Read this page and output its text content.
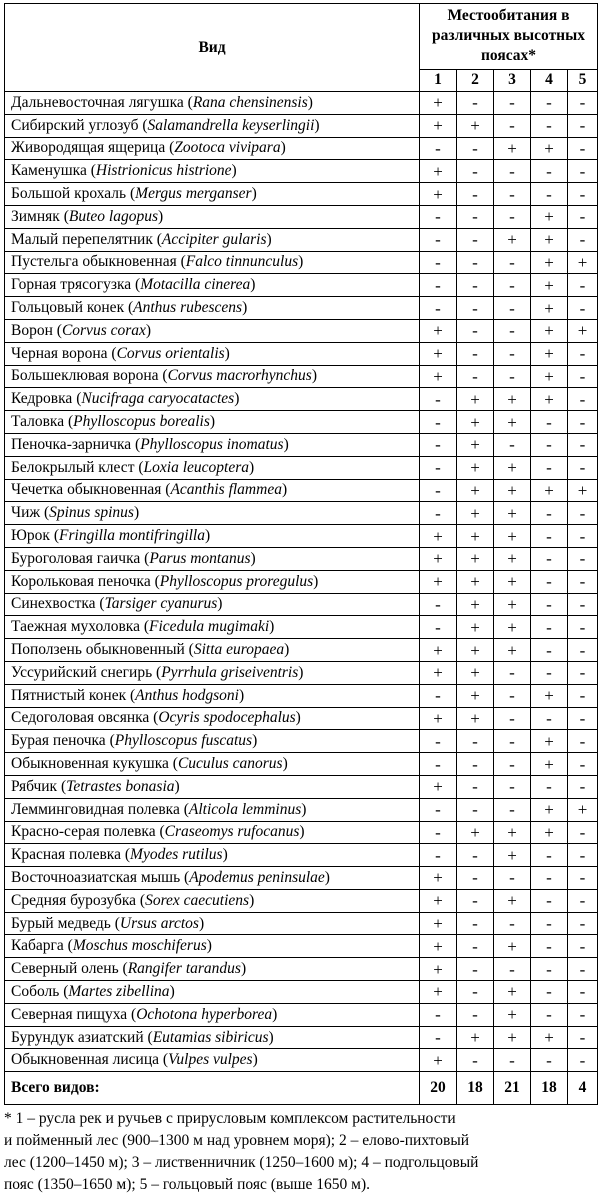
Вид	Местообитания в различных высотных поясах*				
	1	2	3	4	5
Дальневосточная лягушка (Rana chensinensis)	+	-	-	-	-
Сибирский углозуб (Salamandrella keyserlingii)	+	+	-	-	-
Живородящая ящерица (Zootoca vivipara)	-	-	+	+	-
Каменушка (Histrionicus histrione)	+	-	-	-	-
Большой крохаль (Mergus merganser)	+	-	-	-	-
Зимняк (Buteo lagopus)	-	-	-	+	-
Малый перепелятник (Accipiter gularis)	-	-	+	+	-
Пустельга обыкновенная (Falco tinnunculus)	-	-	-	+	+
Горная трясогузка (Motacilla cinerea)	-	-	-	+	-
Гольцовый конек (Anthus rubescens)	-	-	-	+	-
Ворон (Corvus corax)	+	-	-	+	+
Черная ворона (Corvus orientalis)	+	-	-	+	-
Большеклювая ворона (Corvus macrorhynchus)	+	-	-	+	-
Кедровка (Nucifraga caryocatactes)	-	+	+	+	-
Таловка (Phylloscopus borealis)	-	+	+	-	-
Пеночка-зарничка (Phylloscopus inomatus)	-	+	-	-	-
Белокрылый клест (Loxia leucoptera)	-	+	+	-	-
Чечетка обыкновенная (Acanthis flammea)	-	+	+	+	+
Чиж (Spinus spinus)	-	+	+	-	-
Юрок (Fringilla montifringilla)	+	+	+	-	-
Буроголовая гаичка (Parus montanus)	+	+	+	-	-
Корольковая пеночка (Phylloscopus proregulus)	+	+	+	-	-
Синехвостка (Tarsiger cyanurus)	-	+	+	-	-
Таежная мухоловка (Ficedula mugimaki)	-	+	+	-	-
Поползень обыкновенный (Sitta europaea)	+	+	+	-	-
Уссурийский снегирь (Pyrrhula griseiventris)	+	+	-	-	-
Пятнистый конек (Anthus hodgsoni)	-	+	-	+	-
Седоголовая овсянка (Ocyris spodocephalus)	+	+	-	-	-
Бурая пеночка (Phylloscopus fuscatus)	-	-	-	+	-
Обыкновенная кукушка (Cuculus canorus)	-	-	-	+	-
Рябчик (Tetrastes bonasia)	+	-	-	-	-
Лемминговидная полевка (Alticola lemminus)	-	-	-	+	+
Красно-серая полевка (Craseomys rufocanus)	-	+	+	+	-
Красная полевка (Myodes rutilus)	-	-	+	-	-
Восточноазиатская мышь (Apodemus peninsulae)	+	-	-	-	-
Средняя бурозубка (Sorex caecutiens)	+	-	+	-	-
Бурый медведь (Ursus arctos)	+	-	-	-	-
Кабарга (Moschus moschiferus)	+	-	+	-	-
Северный олень (Rangifer tarandus)	+	-	-	-	-
Соболь (Martes zibellina)	+	-	+	-	-
Северная пищуха (Ochotona hyperborea)	-	-	+	-	-
Бурундук азиатский (Eutamias sibiricus)	-	+	+	+	-
Обыкновенная лисица (Vulpes vulpes)	+	-	-	-	-
Всего видов:	20	18	21	18	4

* 1 – русла рек и ручьев с прирусловым комплексом растительности

и пойменный лес (900–1300 м над уровнем моря); 2 – елово-пихтовый

лес (1200–1450 м); 3 – лиственничник (1250–1600 м); 4 – подгольцовый

пояс (1350–1650 м); 5 – гольцовый пояс (выше 1650 м).
